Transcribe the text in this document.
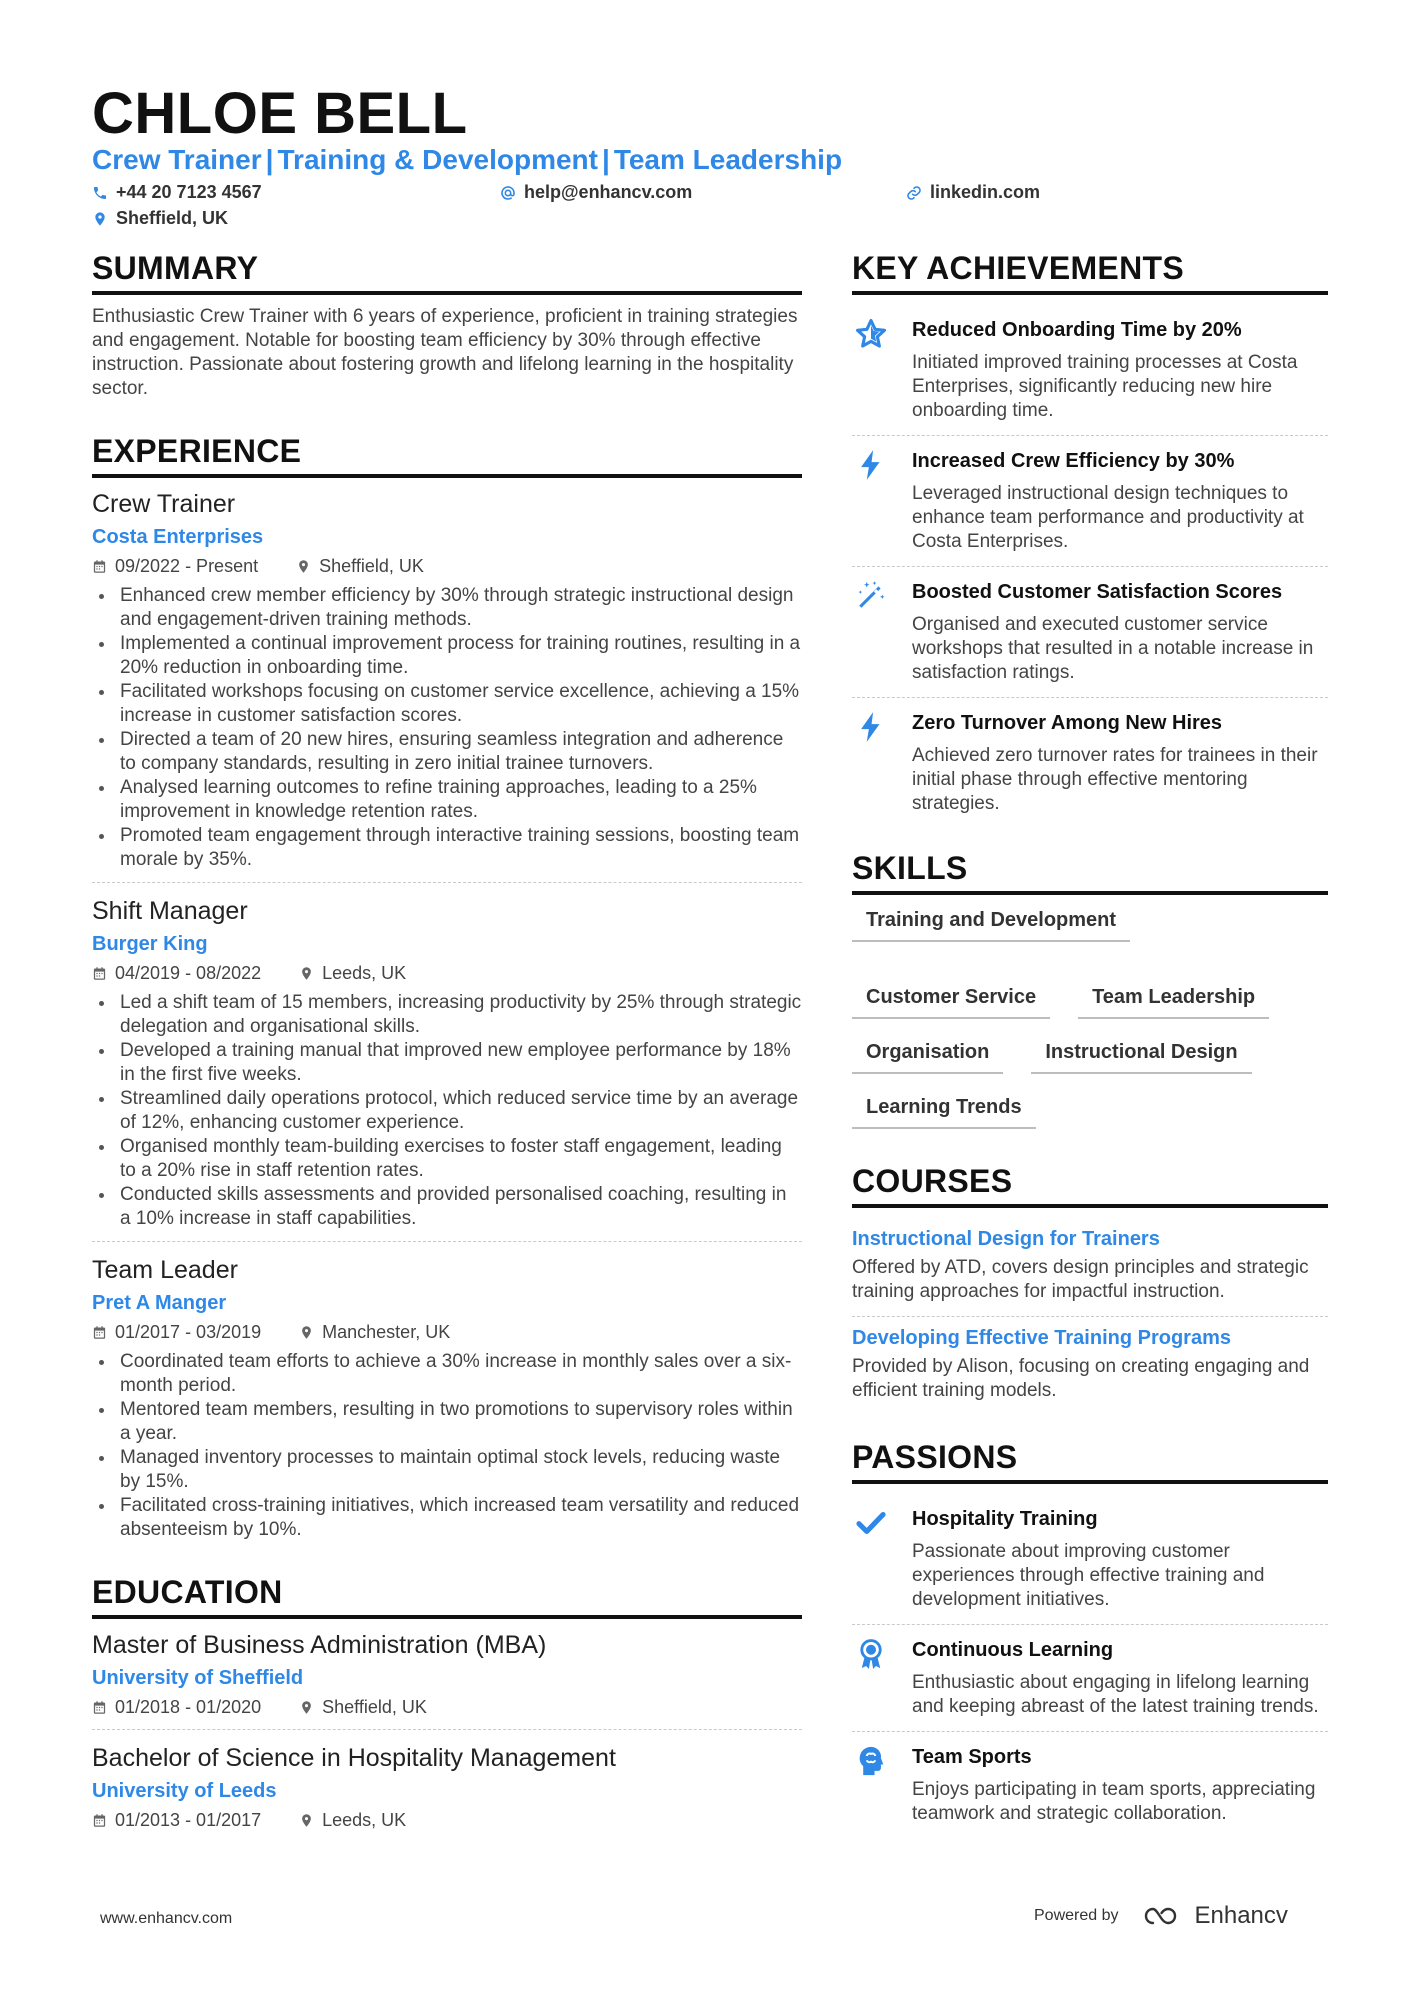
CHLOE BELL
Crew Trainer | Training & Development | Team Leadership
+44 20 7123 4567	help@enhancv.com	linkedin.com
Sheffield, UK
SUMMARY
Enthusiastic Crew Trainer with 6 years of experience, proficient in training strategies and engagement. Notable for boosting team efficiency by 30% through effective instruction. Passionate about fostering growth and lifelong learning in the hospitality sector.
EXPERIENCE
Crew Trainer
Costa Enterprises
09/2022 - Present	Sheffield, UK
Enhanced crew member efficiency by 30% through strategic instructional design and engagement-driven training methods.
Implemented a continual improvement process for training routines, resulting in a 20% reduction in onboarding time.
Facilitated workshops focusing on customer service excellence, achieving a 15% increase in customer satisfaction scores.
Directed a team of 20 new hires, ensuring seamless integration and adherence to company standards, resulting in zero initial trainee turnovers.
Analysed learning outcomes to refine training approaches, leading to a 25% improvement in knowledge retention rates.
Promoted team engagement through interactive training sessions, boosting team morale by 35%.
Shift Manager
Burger King
04/2019 - 08/2022	Leeds, UK
Led a shift team of 15 members, increasing productivity by 25% through strategic delegation and organisational skills.
Developed a training manual that improved new employee performance by 18% in the first five weeks.
Streamlined daily operations protocol, which reduced service time by an average of 12%, enhancing customer experience.
Organised monthly team-building exercises to foster staff engagement, leading to a 20% rise in staff retention rates.
Conducted skills assessments and provided personalised coaching, resulting in a 10% increase in staff capabilities.
Team Leader
Pret A Manger
01/2017 - 03/2019	Manchester, UK
Coordinated team efforts to achieve a 30% increase in monthly sales over a six-month period.
Mentored team members, resulting in two promotions to supervisory roles within a year.
Managed inventory processes to maintain optimal stock levels, reducing waste by 15%.
Facilitated cross-training initiatives, which increased team versatility and reduced absenteeism by 10%.
EDUCATION
Master of Business Administration (MBA)
University of Sheffield
01/2018 - 01/2020	Sheffield, UK
Bachelor of Science in Hospitality Management
University of Leeds
01/2013 - 01/2017	Leeds, UK
KEY ACHIEVEMENTS
Reduced Onboarding Time by 20%
Initiated improved training processes at Costa Enterprises, significantly reducing new hire onboarding time.
Increased Crew Efficiency by 30%
Leveraged instructional design techniques to enhance team performance and productivity at Costa Enterprises.
Boosted Customer Satisfaction Scores
Organised and executed customer service workshops that resulted in a notable increase in satisfaction ratings.
Zero Turnover Among New Hires
Achieved zero turnover rates for trainees in their initial phase through effective mentoring strategies.
SKILLS
Training and Development
Customer Service	Team Leadership
Organisation	Instructional Design
Learning Trends
COURSES
Instructional Design for Trainers
Offered by ATD, covers design principles and strategic training approaches for impactful instruction.
Developing Effective Training Programs
Provided by Alison, focusing on creating engaging and efficient training models.
PASSIONS
Hospitality Training
Passionate about improving customer experiences through effective training and development initiatives.
Continuous Learning
Enthusiastic about engaging in lifelong learning and keeping abreast of the latest training trends.
Team Sports
Enjoys participating in team sports, appreciating teamwork and strategic collaboration.
www.enhancv.com	Powered by	Enhancv
